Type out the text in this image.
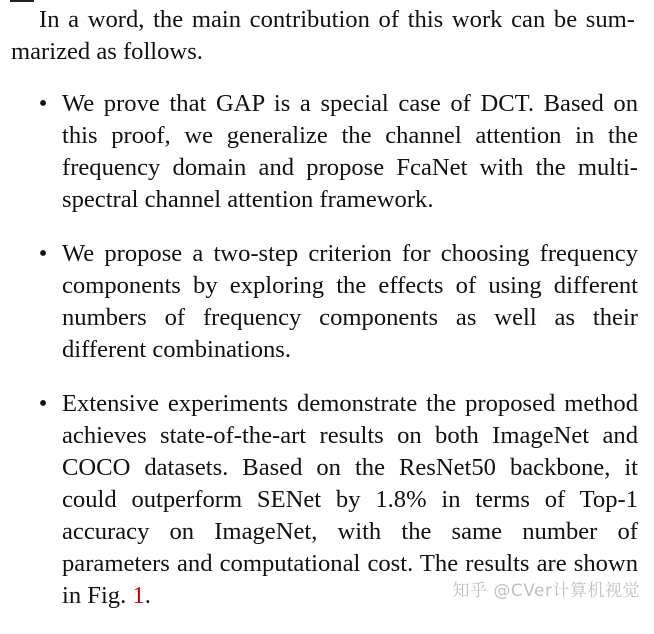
In a word, the main contribution of this work can be summarized as follows.

• We prove that GAP is a special case of DCT. Based on this proof, we generalize the channel attention in the frequency domain and propose FcaNet with the multispectral channel attention framework.
• We propose a two-step criterion for choosing frequency components by exploring the effects of using different numbers of frequency components as well as their different combinations.
• Extensive experiments demonstrate the proposed method achieves state-of-the-art results on both ImageNet and COCO datasets. Based on the ResNet50 backbone, it could outperform SENet by 1.8% in terms of Top-1 accuracy on ImageNet, with the same number of parameters and computational cost. The results are shown in Fig. 1.	知乎 @CVer计算机视觉
